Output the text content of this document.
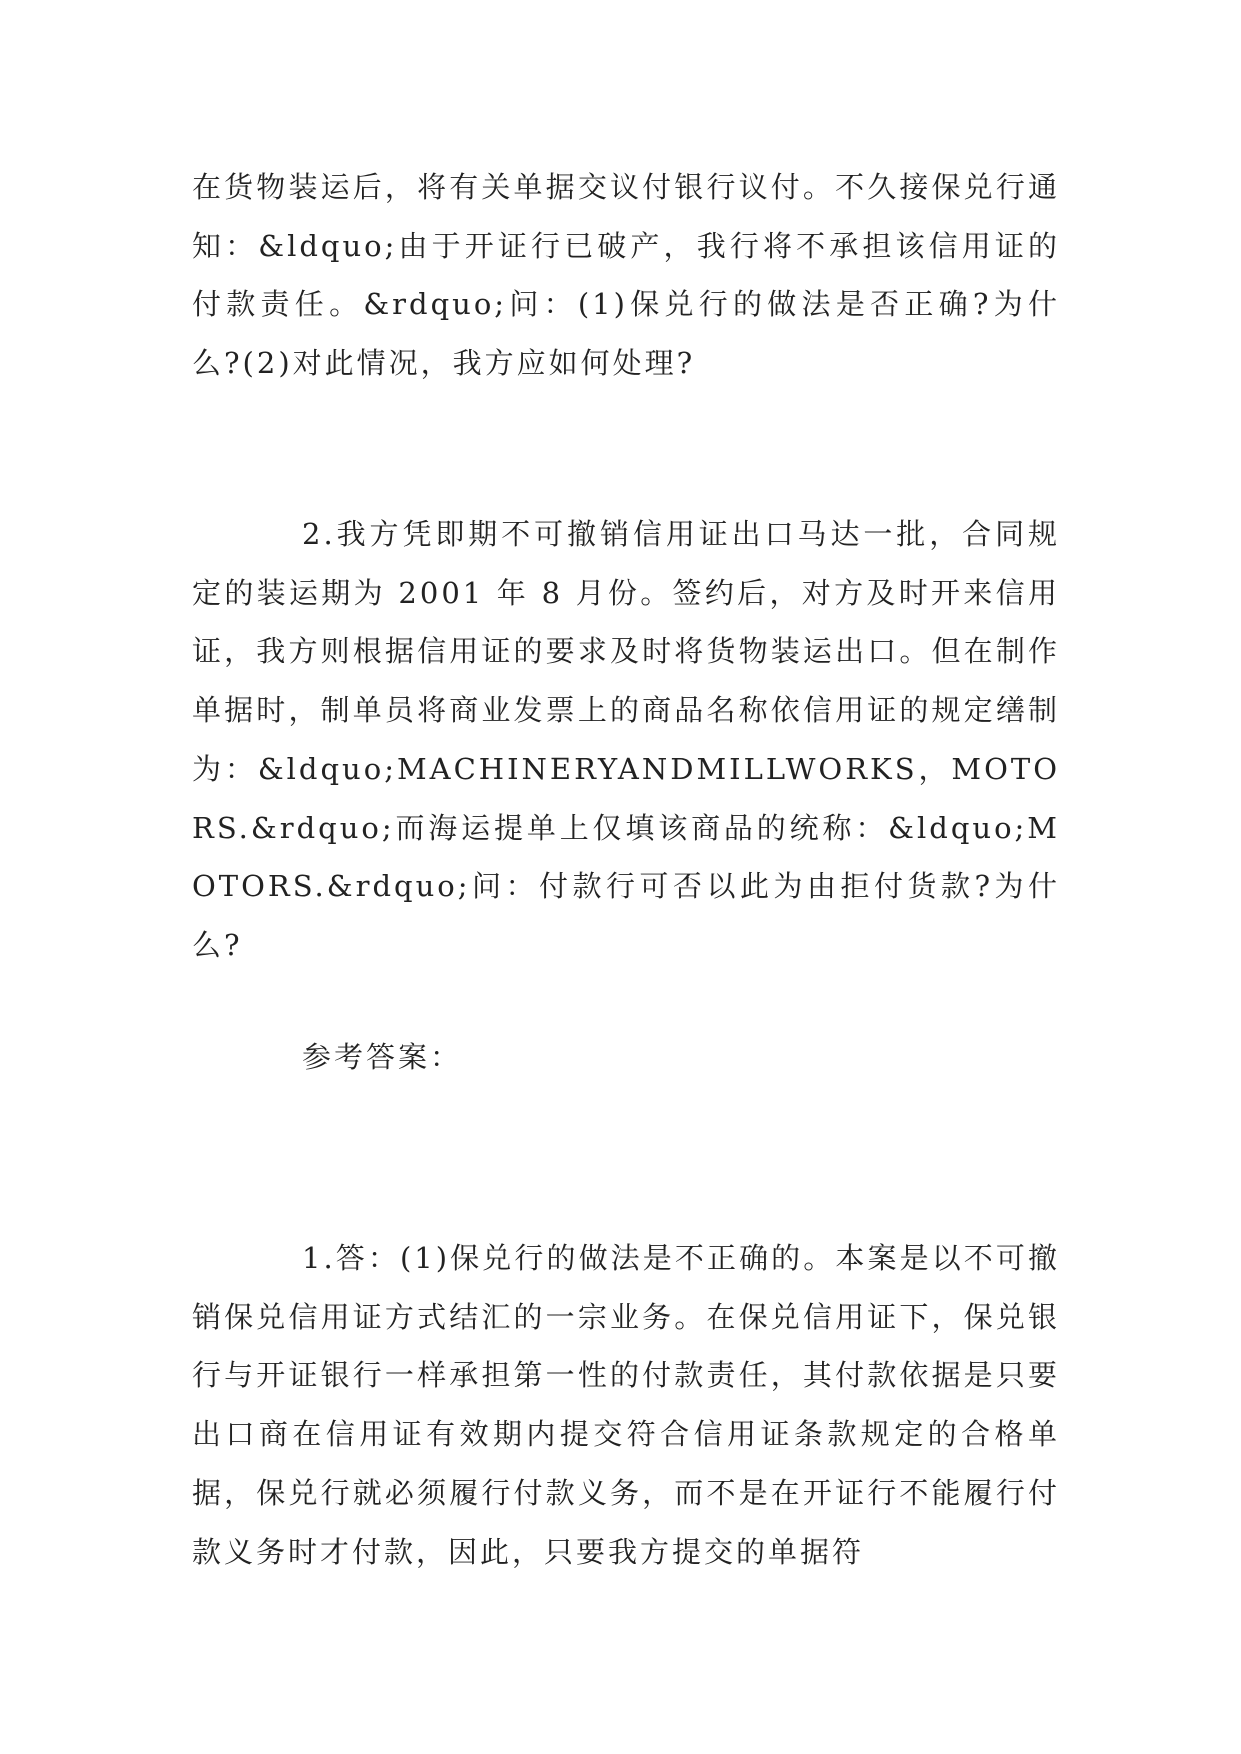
在货物装运后，将有关单据交议付银行议付。不久接保兑行通知：&ldquo;由于开证行已破产，我行将不承担该信用证的付款责任。&rdquo;问：(1)保兑行的做法是否正确?为什么?(2)对此情况，我方应如何处理?

2.我方凭即期不可撤销信用证出口马达一批，合同规定的装运期为 2001 年 8 月份。签约后，对方及时开来信用证，我方则根据信用证的要求及时将货物装运出口。但在制作单据时，制单员将商业发票上的商品名称依信用证的规定缮制为：&ldquo;MACHINERYANDMILLWORKS，MOTORS.&rdquo;而海运提单上仅填该商品的统称：&ldquo;MOTORS.&rdquo;问：付款行可否以此为由拒付货款?为什么?

参考答案：

1.答：(1)保兑行的做法是不正确的。本案是以不可撤销保兑信用证方式结汇的一宗业务。在保兑信用证下，保兑银行与开证银行一样承担第一性的付款责任，其付款依据是只要出口商在信用证有效期内提交符合信用证条款规定的合格单据，保兑行就必须履行付款义务，而不是在开证行不能履行付款义务时才付款，因此，只要我方提交的单据符
